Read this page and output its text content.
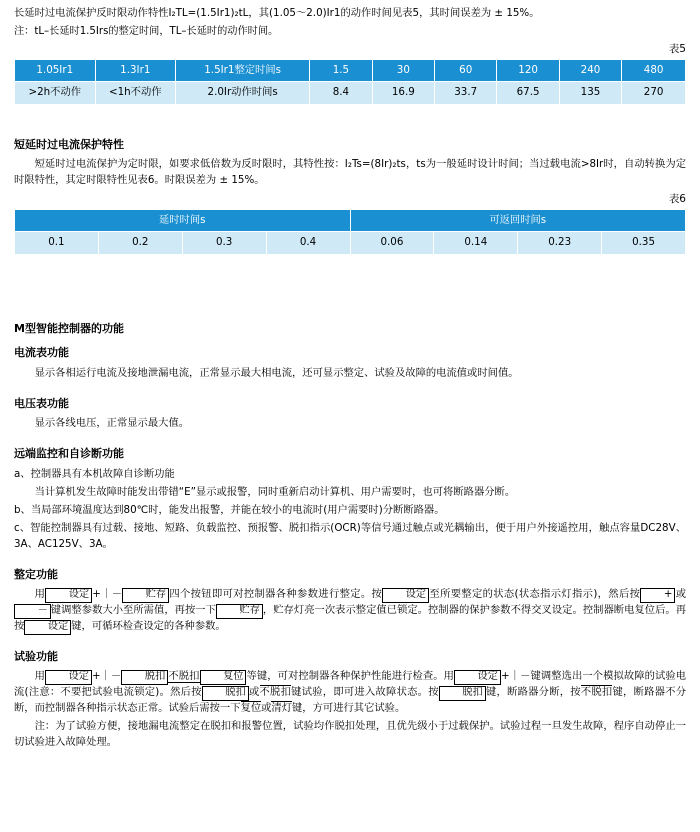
长延时过电流保护反时限动作特性I₂TL=(1.5Ir1)₂tL，其(1.05～2.0)Ir1的动作时间见表5，其时间误差为 ± 15%。

注：tL–长延时1.5Irs的整定时间，TL–长延时的动作时间。

表5
1.05Ir1	1.3Ir1	1.5Ir1整定时间s	1.5	30	60	120	240	480
>2h不动作	<1h不动作	2.0Ir动作时间s	8.4	16.9	33.7	67.5	135	270
短延时过电流保护特性

短延时过电流保护为定时限，如要求低倍数为反时限时，其特性按：I₂Ts=(8Ir)₂ts，ts为一般延时设计时间；当过载电流>8Ir时，自动转换为定时限特性，其定时限特性见表6。时限误差为 ± 15%。

表6
延时时间s				可返回时间s			
0.1	0.2	0.3	0.4	0.06	0.14	0.23	0.35
M型智能控制器的功能
电流表功能

显示各相运行电流及接地泄漏电流，正常显示最大相电流，还可显示整定、试验及故障的电流值或时间值。

电压表功能

显示各线电压，正常显示最大值。

远端监控和自诊断功能

a、控制器具有本机故障自诊断功能

当计算机发生故障时能发出带错“E”显示或报警，同时重新启动计算机、用户需要时，也可将断路器分断。

b、当局部环境温度达到80℃时，能发出报警，并能在较小的电流时(用户需要时)分断断路器。

c、智能控制器具有过载、接地、短路、负载监控、预报警、脱扣指示(OCR)等信号通过触点或光耦输出，便于用户外接遥控用，触点容量DC28V、3A、AC125V、3A。

整定功能

用 设定 +｜－ 贮存 四个按钮即可对控制器各种参数进行整定。按 设定 至所要整定的状态(状态指示灯指示)，然后按 + 或－ 键调整参数大小至所需值，再按一下 贮存 ，贮存灯亮一次表示整定值已锁定。控制器的保护参数不得交叉设定。控制器断电复位后。再按 设定 键，可循环检查设定的各种参数。

试验功能

用 设定 +｜－ 脱扣 不脱扣 复位 等键，可对控制器各种保护性能进行检查。用 设定 +｜－键调整选出一个模拟故障的试验电流(注意：不要把试验电流锁定)。然后按 脱扣 或不脱扣键试验，即可进入故障状态。按 脱扣 键，断路器分断，按不脱扣键，断路器不分断，而控制器各种指示状态正常。试验后需按一下复位或清灯键，方可进行其它试验。

注：为了试验方便，接地漏电流整定在脱扣和报警位置，试验均作脱扣处理，且优先级小于过载保护。试验过程一旦发生故障，程序自动停止一切试验进入故障处理。
